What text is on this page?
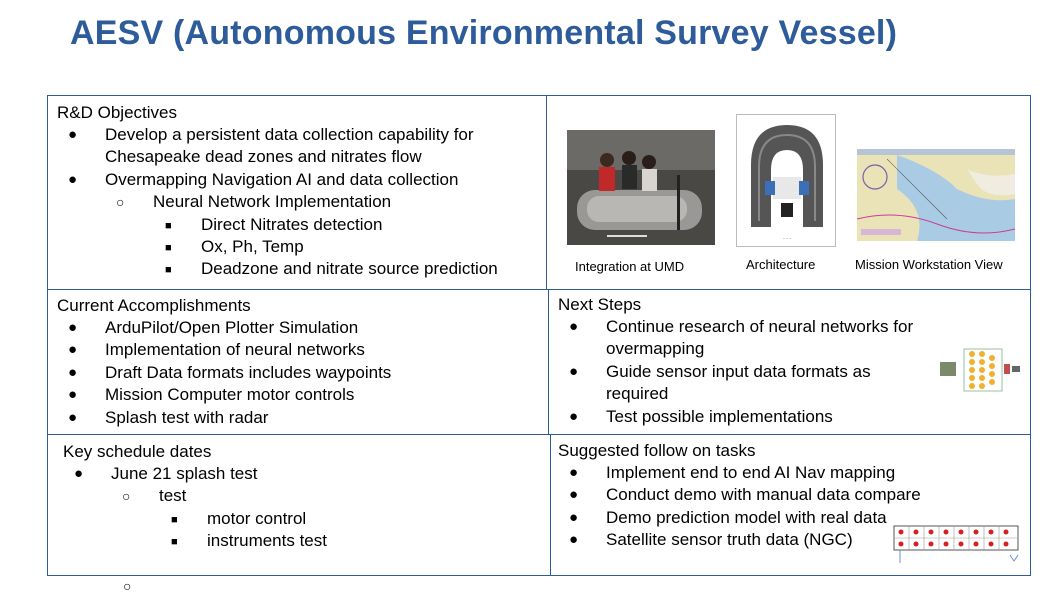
AESV (Autonomous Environmental Survey Vessel)
R&D Objectives
● Develop a persistent data collection capability for
Chesapeake dead zones and nitrates flow
● Overmapping Navigation AI and data collection
○ Neural Network Implementation
■ Direct Nitrates detection
■ Ox, Ph, Temp
■ Deadzone and nitrate source prediction
- - -
Integration at UMD	Architecture	Mission Workstation View
Current Accomplishments
● ArduPilot/Open Plotter Simulation
● Implementation of neural networks
● Draft Data formats includes waypoints
● Mission Computer motor controls
● Splash test with radar
Next Steps
● Continue research of neural networks for
overmapping
● Guide sensor input data formats as
required
● Test possible implementations
Key schedule dates
● June 21 splash test
○ test
■ motor control
■ instruments test
○
Suggested follow on tasks
● Implement end to end AI Nav mapping
● Conduct demo with manual data compare
● Demo prediction model with real data
● Satellite sensor truth data (NGC)
